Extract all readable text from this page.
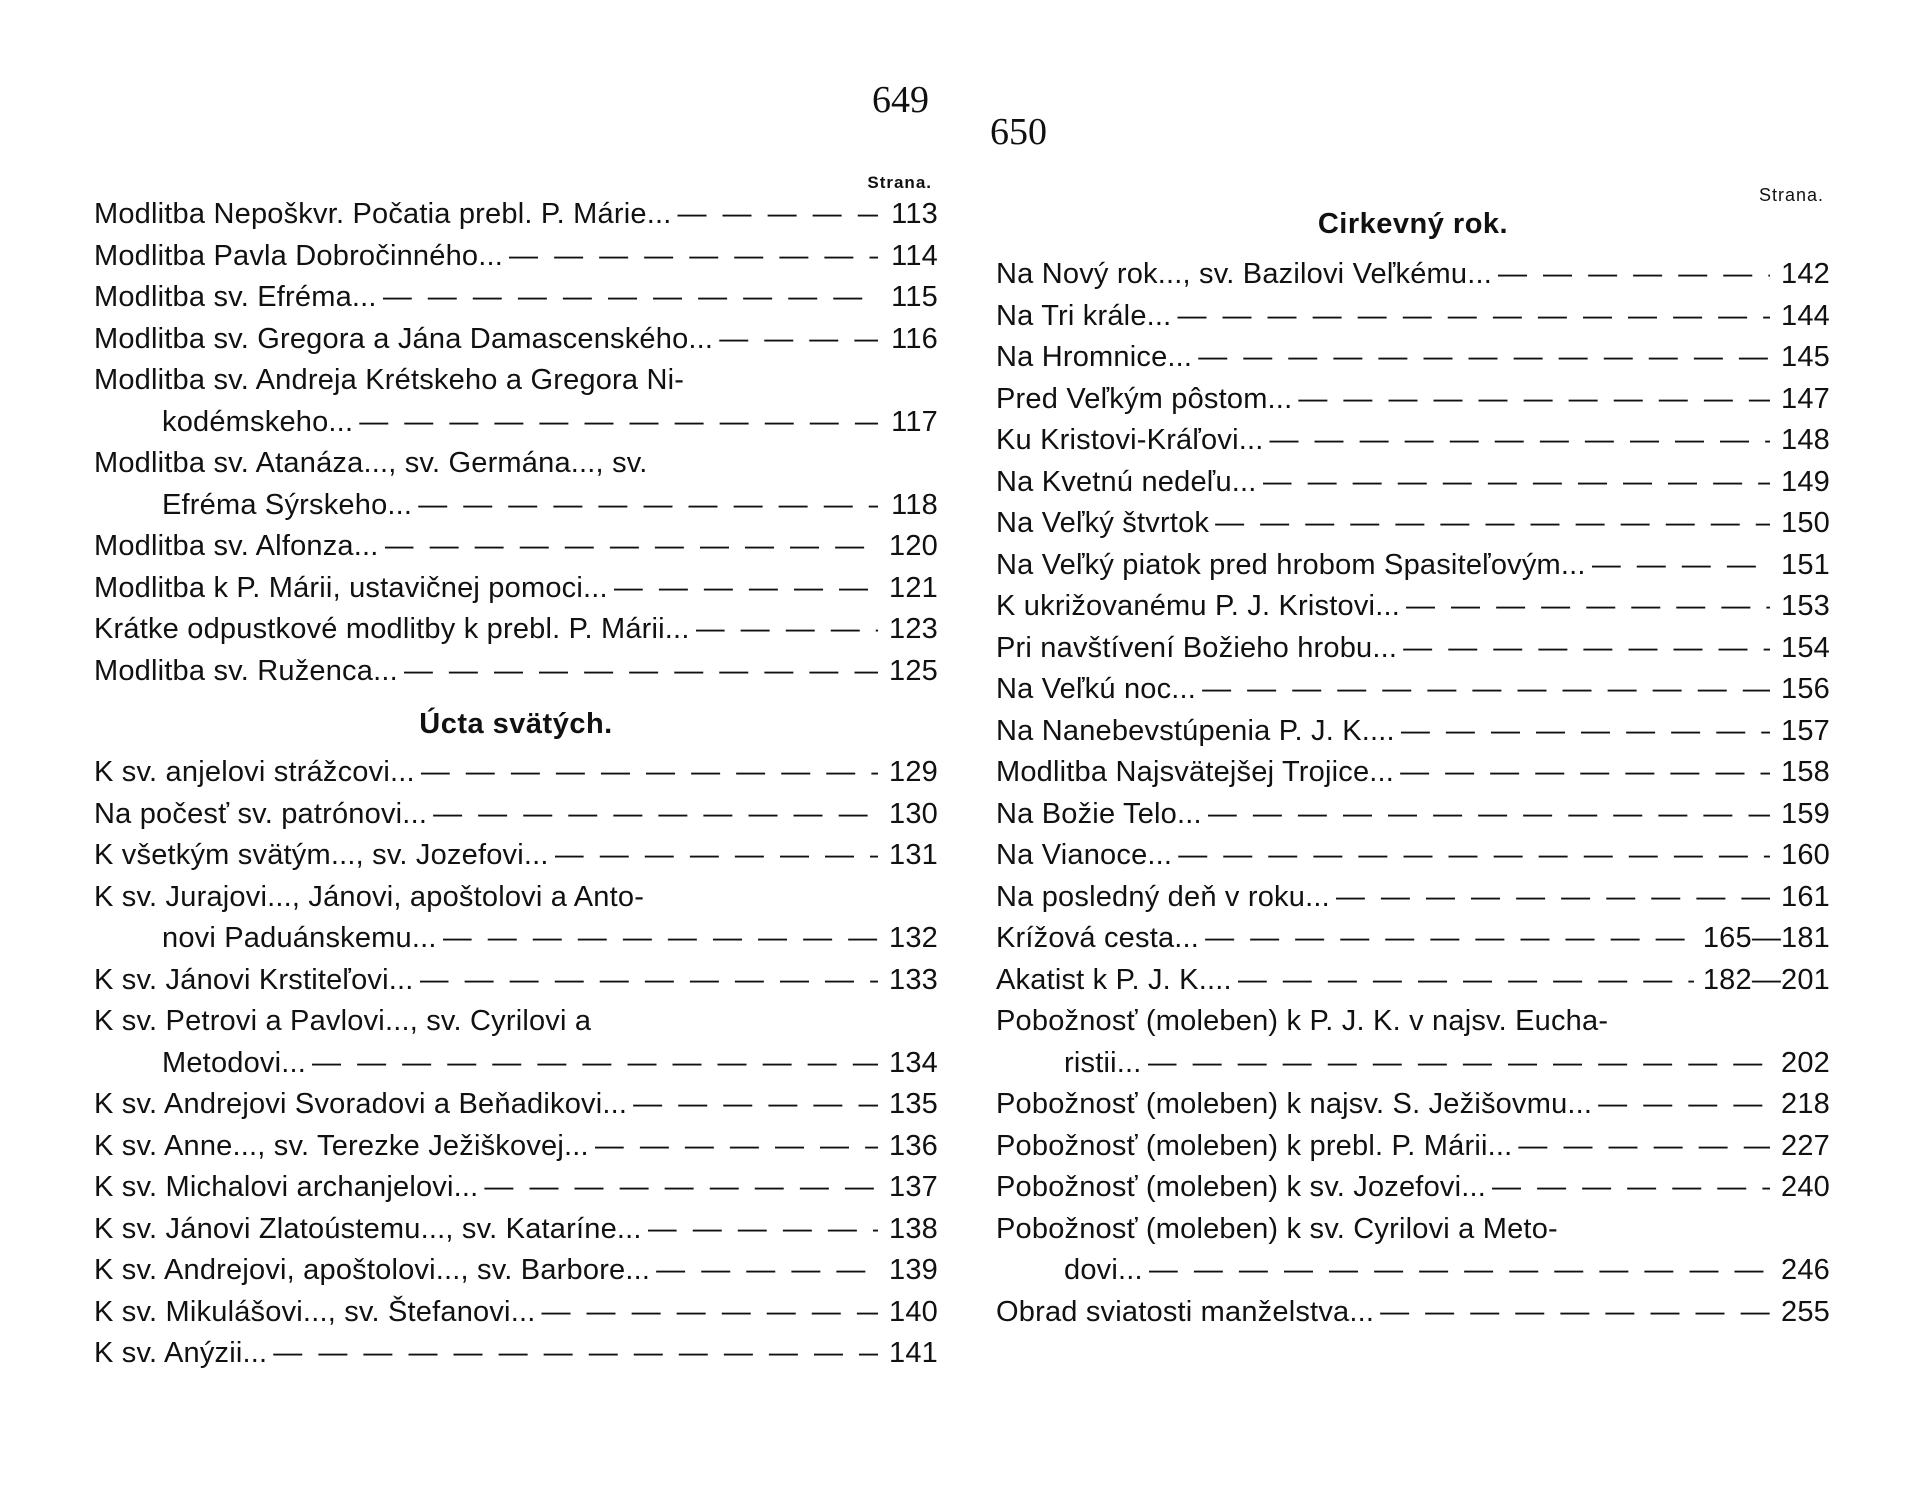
649
650
Strana.
Modlitba Nepoškvr. Počatia prebl. P. Márie... — — —	113
Modlitba Pavla Dobročinného... — — —	114
Modlitba sv. Efréma... — — —	115
Modlitba sv. Gregora a Jána Damascenského... — — —	116
Modlitba sv. Andreja Krétskeho a Gregora Ni-
kodémskeho... — — —	117
Modlitba sv. Atanáza..., sv. Germána..., sv.
Efréma Sýrskeho... — — —	118
Modlitba sv. Alfonza... — — —	120
Modlitba k P. Márii, ustavičnej pomoci... — — —	121
Krátke odpustkové modlitby k prebl. P. Márii... — — —	123
Modlitba sv. Ruženca... — — —	125
Úcta svätých.
K sv. anjelovi strážcovi... — — —	129
Na počesť sv. patrónovi... — — —	130
K všetkým svätým..., sv. Jozefovi... — — —	131
K sv. Jurajovi..., Jánovi, apoštolovi a Anto-
novi Paduánskemu... — — —	132
K sv. Jánovi Krstiteľovi... — — —	133
K sv. Petrovi a Pavlovi..., sv. Cyrilovi a
Metodovi... — — —	134
K sv. Andrejovi Svoradovi a Beňadikovi... — — —	135
K sv. Anne..., sv. Terezke Ježiškovej... — — —	136
K sv. Michalovi archanjelovi... — — —	137
K sv. Jánovi Zlatoústemu..., sv. Kataríne... — — —	138
K sv. Andrejovi, apoštolovi..., sv. Barbore... — — —	139
K sv. Mikulášovi..., sv. Štefanovi... — — —	140
K sv. Anýzii... — — —	141
Strana.
Cirkevný rok.
Na Nový rok..., sv. Bazilovi Veľkému... — — —	142
Na Tri krále... — — —	144
Na Hromnice... — — —	145
Pred Veľkým pôstom... — — —	147
Ku Kristovi-Kráľovi... — — —	148
Na Kvetnú nedeľu... — — —	149
Na Veľký štvrtok — — —	150
Na Veľký piatok pred hrobom Spasiteľovým... — — —	151
K ukrižovanému P. J. Kristovi... — — —	153
Pri navštívení Božieho hrobu... — — —	154
Na Veľkú noc... — — —	156
Na Nanebevstúpenia P. J. K.... — — —	157
Modlitba Najsvätejšej Trojice... — — —	158
Na Božie Telo... — — —	159
Na Vianoce... — — —	160
Na posledný deň v roku... — — —	161
Krížová cesta... — — —	165—181
Akatist k P. J. K.... — — —	182—201
Pobožnosť (moleben) k P. J. K. v najsv. Eucha-
ristii... — — —	202
Pobožnosť (moleben) k najsv. S. Ježišovmu... — — —	218
Pobožnosť (moleben) k prebl. P. Márii... — — —	227
Pobožnosť (moleben) k sv. Jozefovi... — — —	240
Pobožnosť (moleben) k sv. Cyrilovi a Meto-
dovi... — — —	246
Obrad sviatosti manželstva... — — —	255
